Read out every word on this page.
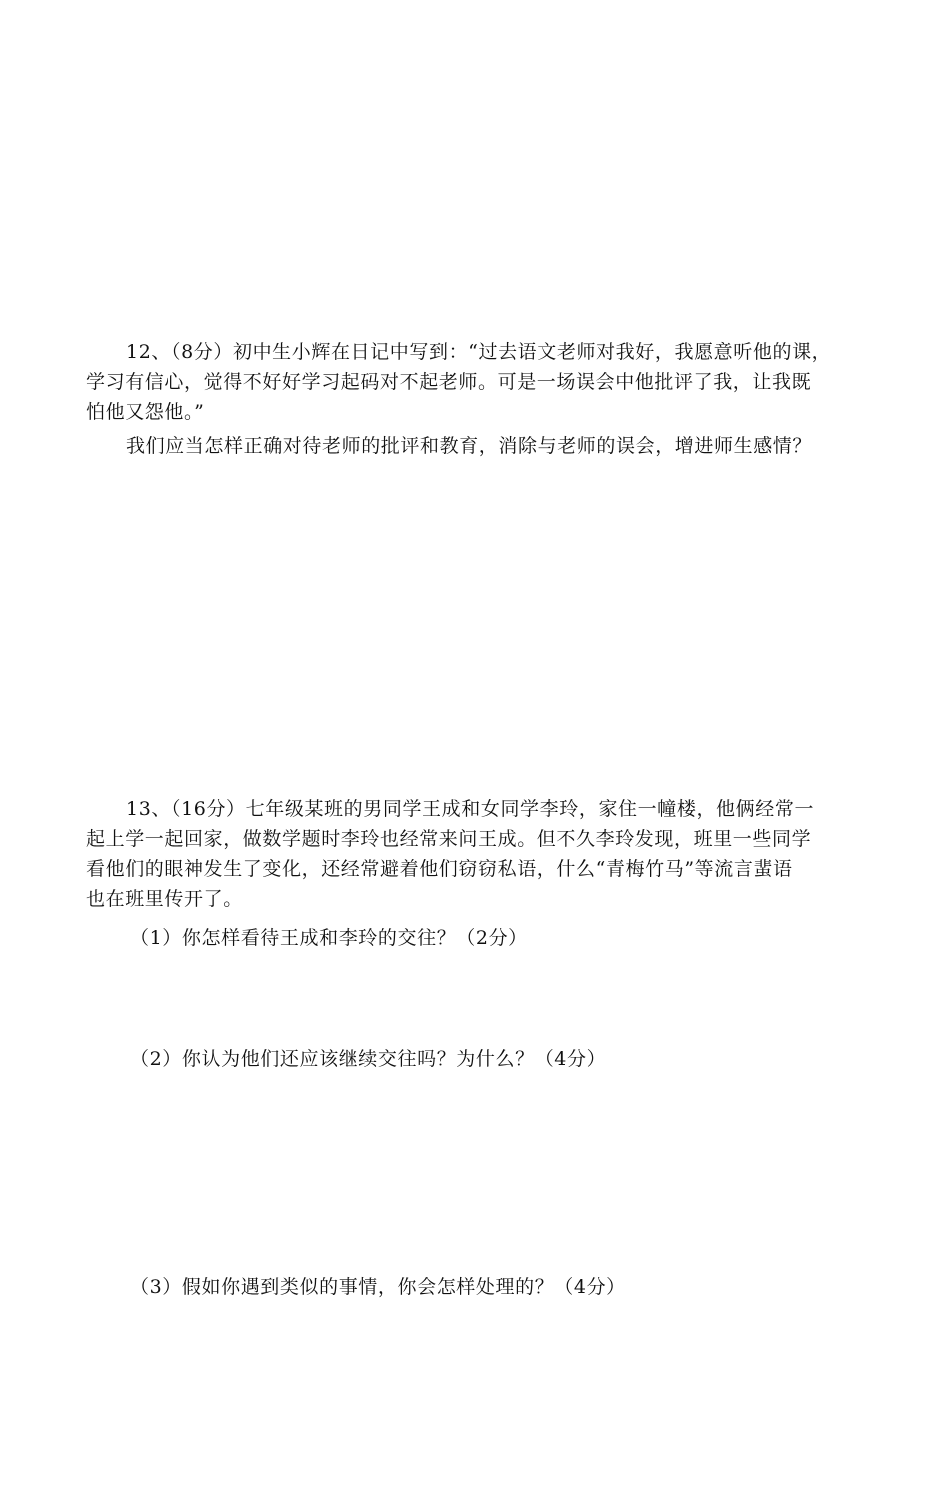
12、（8分）初中生小辉在日记中写到：“过去语文老师对我好，我愿意听他的课，
学习有信心，觉得不好好学习起码对不起老师。可是一场误会中他批评了我，让我既
怕他又怨他。”
我们应当怎样正确对待老师的批评和教育，消除与老师的误会，增进师生感情？
13、（16分）七年级某班的男同学王成和女同学李玲，家住一幢楼，他俩经常一
起上学一起回家，做数学题时李玲也经常来问王成。但不久李玲发现，班里一些同学
看他们的眼神发生了变化，还经常避着他们窃窃私语，什么“青梅竹马”等流言蜚语
也在班里传开了。
（1）你怎样看待王成和李玲的交往？（2分）
（2）你认为他们还应该继续交往吗？为什么？（4分）
（3）假如你遇到类似的事情，你会怎样处理的？（4分）
